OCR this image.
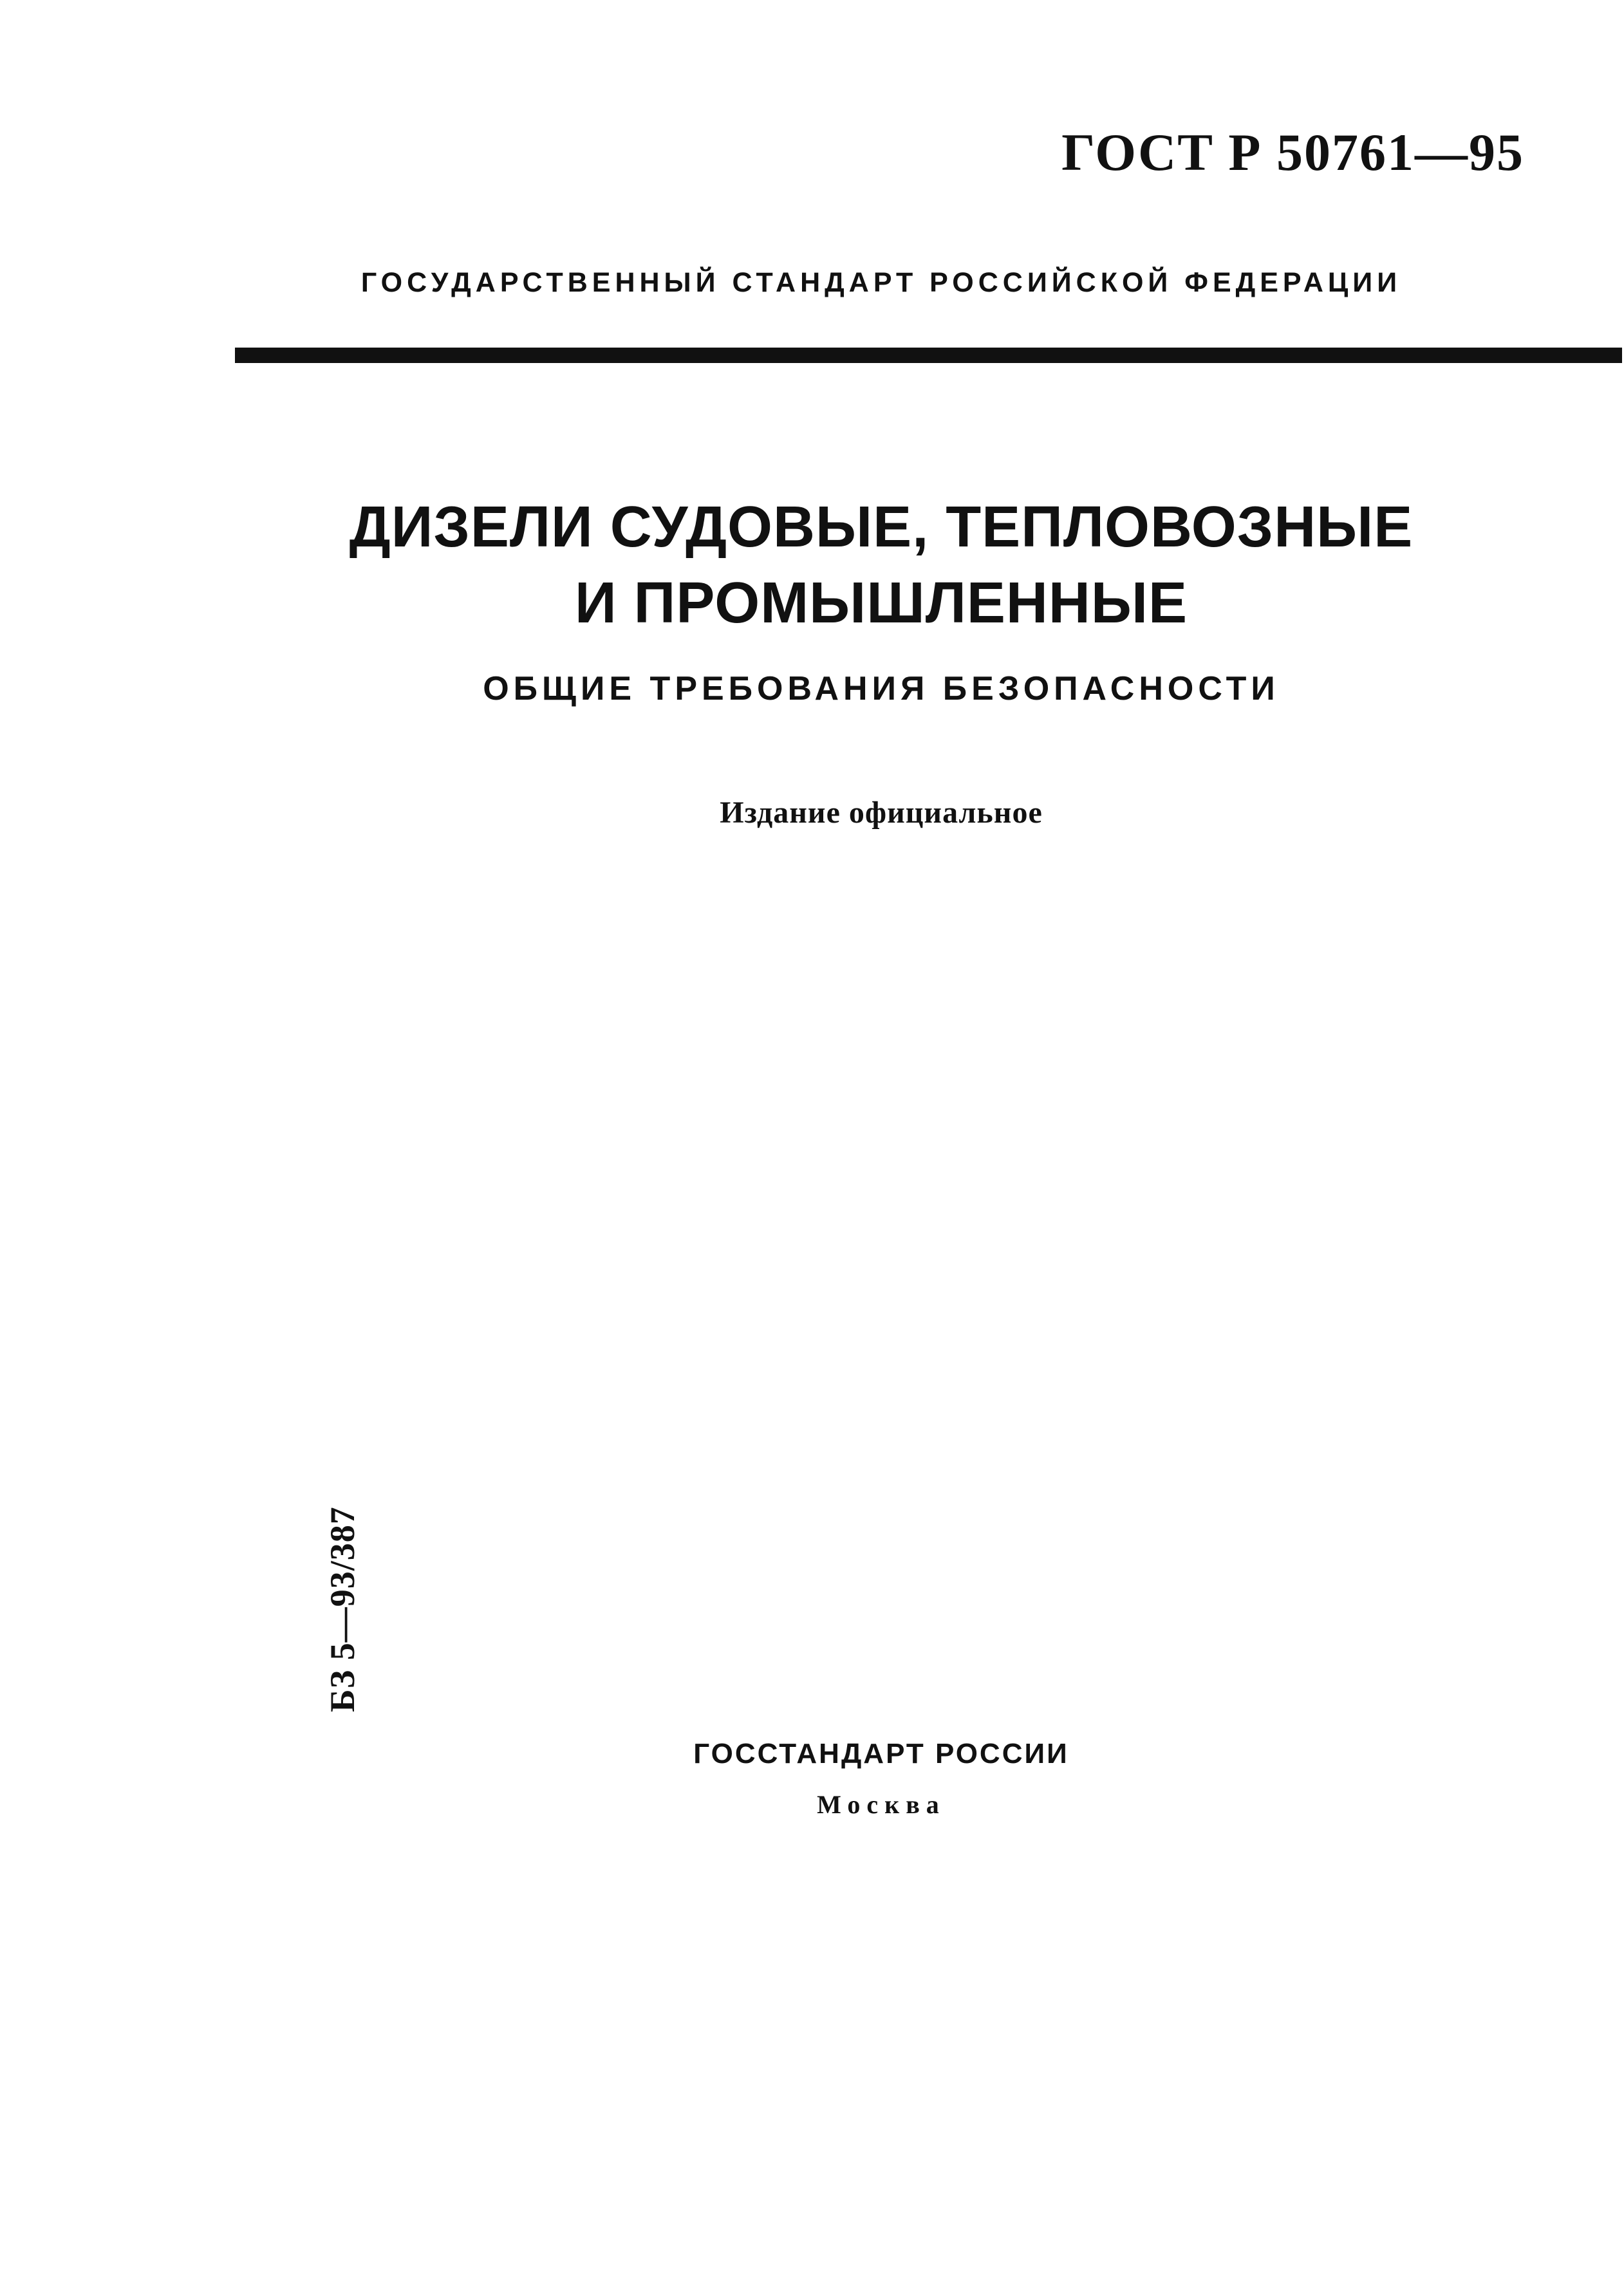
ГОСТ Р 50761—95
ГОСУДАРСТВЕННЫЙ СТАНДАРТ РОССИЙСКОЙ ФЕДЕРАЦИИ
ДИЗЕЛИ СУДОВЫЕ, ТЕПЛОВОЗНЫЕ
И ПРОМЫШЛЕННЫЕ
ОБЩИЕ ТРЕБОВАНИЯ БЕЗОПАСНОСТИ
Издание официальное
БЗ 5—93/387
ГОССТАНДАРТ РОССИИ
Москва
